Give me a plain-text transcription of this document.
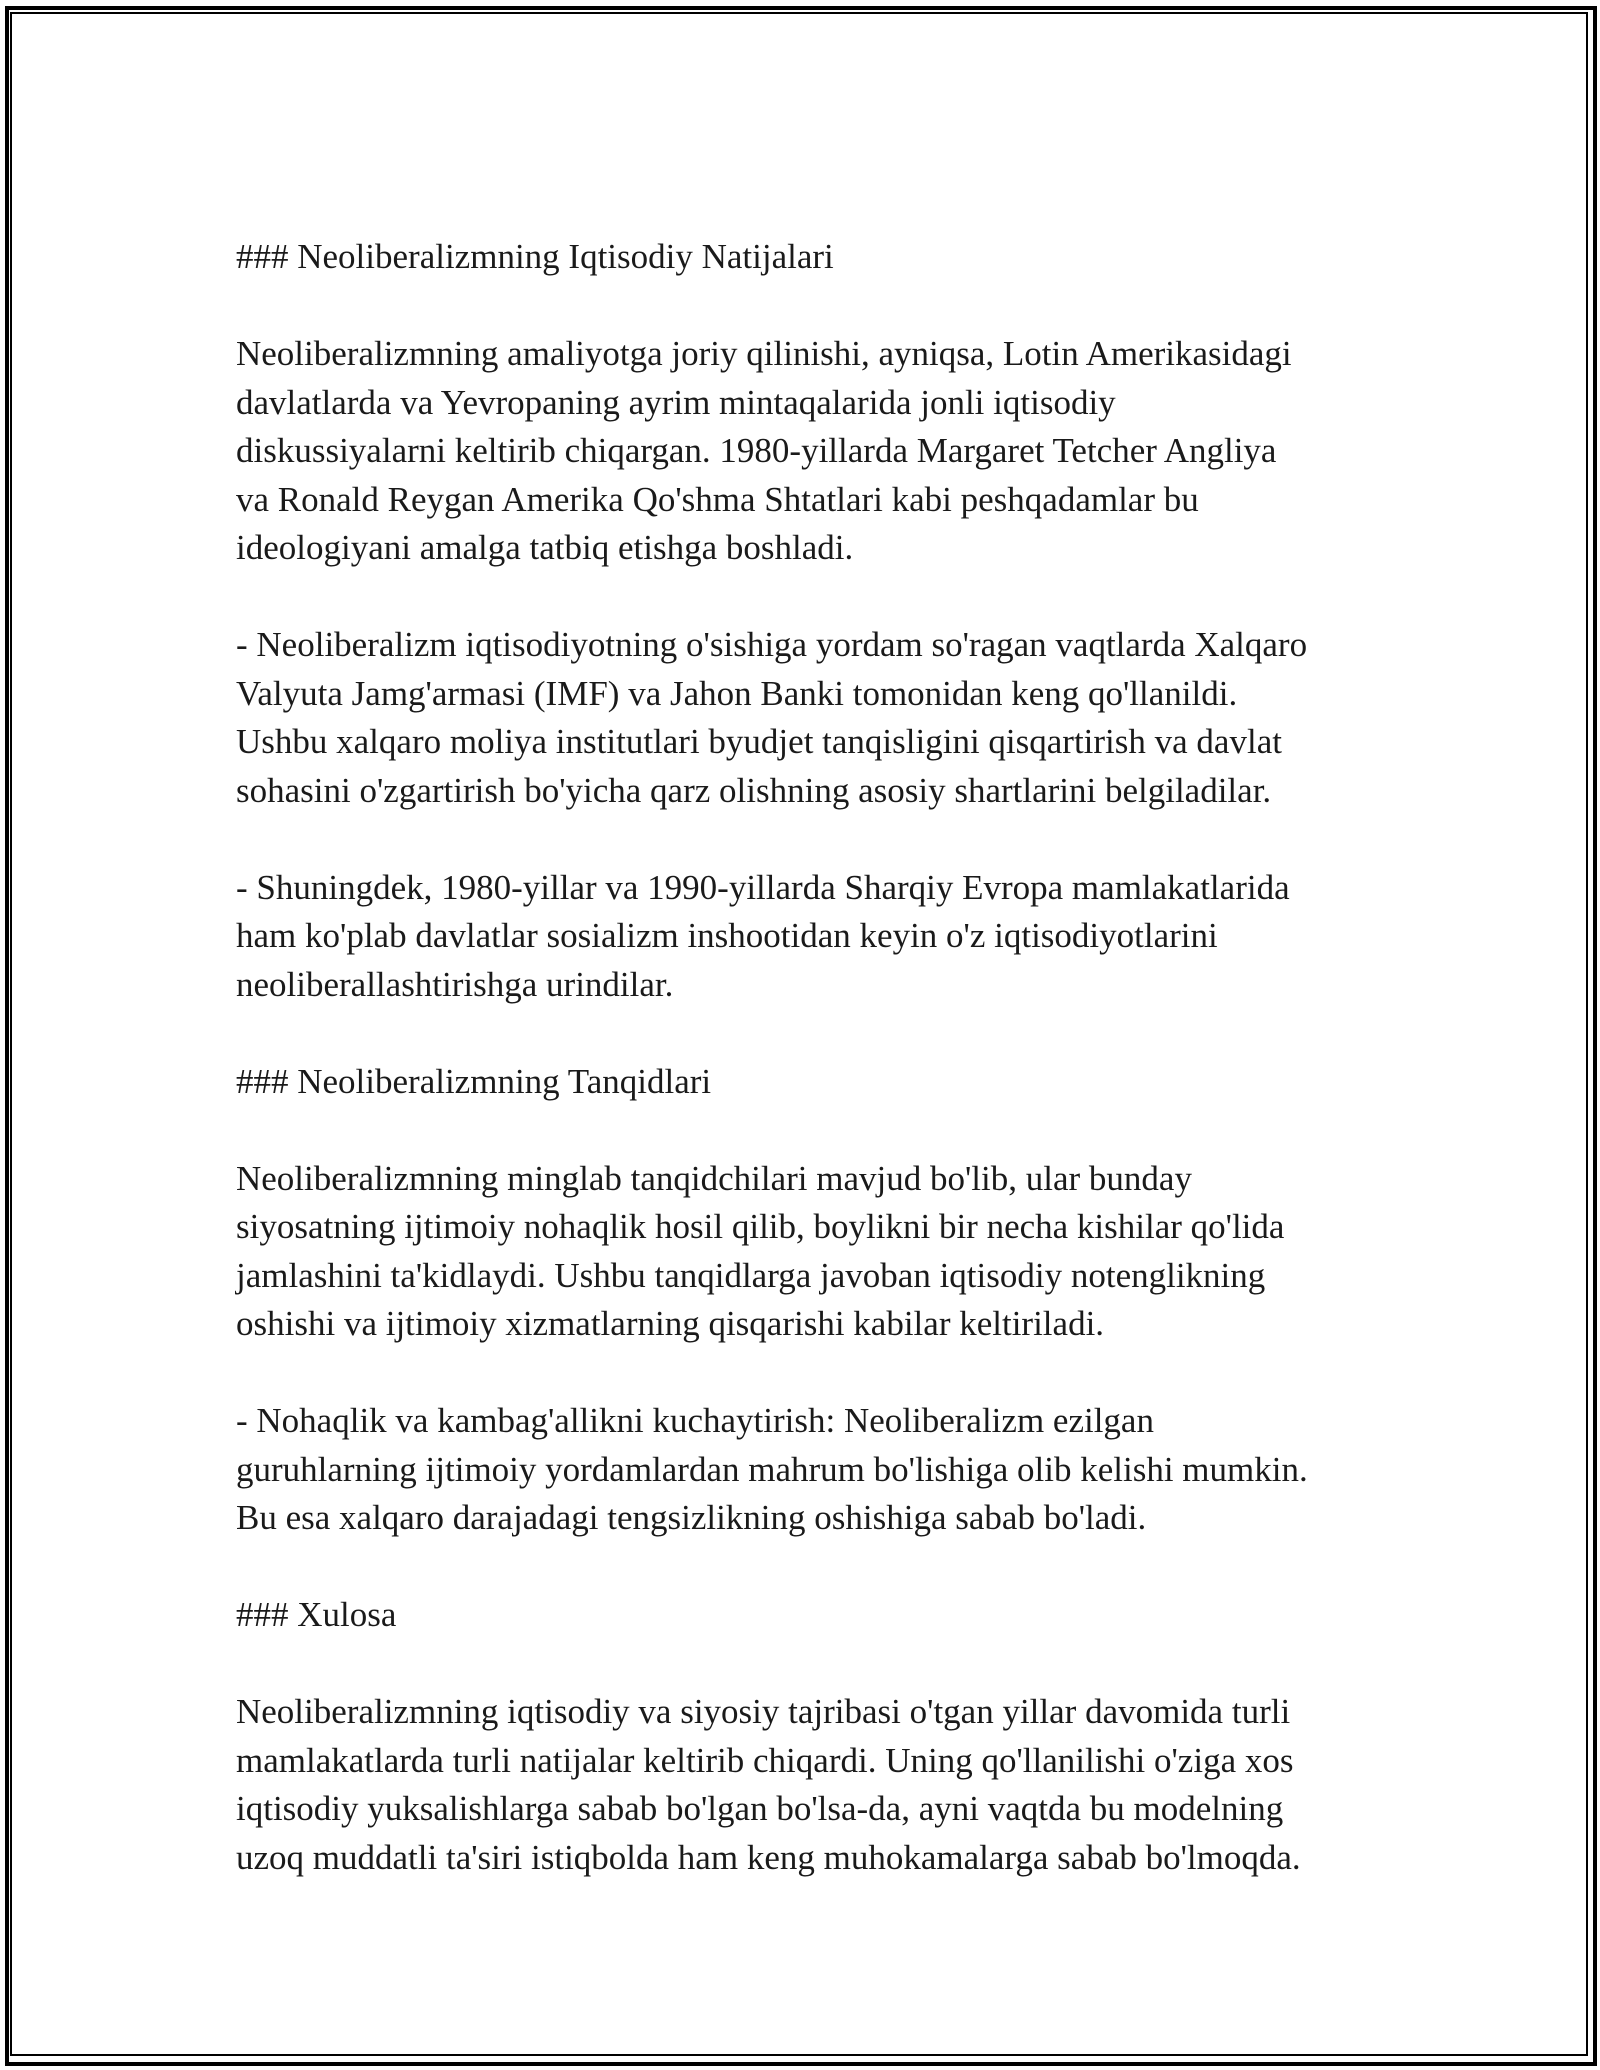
### Neoliberalizmning Iqtisodiy Natijalari
Neoliberalizmning amaliyotga joriy qilinishi, ayniqsa, Lotin Amerikasidagi
davlatlarda va Yevropaning ayrim mintaqalarida jonli iqtisodiy
diskussiyalarni keltirib chiqargan. 1980-yillarda Margaret Tetcher Angliya
va Ronald Reygan Amerika Qo'shma Shtatlari kabi peshqadamlar bu
ideologiyani amalga tatbiq etishga boshladi.
- Neoliberalizm iqtisodiyotning o'sishiga yordam so'ragan vaqtlarda Xalqaro
Valyuta Jamg'armasi (IMF) va Jahon Banki tomonidan keng qo'llanildi.
Ushbu xalqaro moliya institutlari byudjet tanqisligini qisqartirish va davlat
sohasini o'zgartirish bo'yicha qarz olishning asosiy shartlarini belgiladilar.
- Shuningdek, 1980-yillar va 1990-yillarda Sharqiy Evropa mamlakatlarida
ham ko'plab davlatlar sosializm inshootidan keyin o'z iqtisodiyotlarini
neoliberallashtirishga urindilar.
### Neoliberalizmning Tanqidlari
Neoliberalizmning minglab tanqidchilari mavjud bo'lib, ular bunday
siyosatning ijtimoiy nohaqlik hosil qilib, boylikni bir necha kishilar qo'lida
jamlashini ta'kidlaydi. Ushbu tanqidlarga javoban iqtisodiy notenglikning
oshishi va ijtimoiy xizmatlarning qisqarishi kabilar keltiriladi.
- Nohaqlik va kambag'allikni kuchaytirish: Neoliberalizm ezilgan
guruhlarning ijtimoiy yordamlardan mahrum bo'lishiga olib kelishi mumkin.
Bu esa xalqaro darajadagi tengsizlikning oshishiga sabab bo'ladi.
### Xulosa
Neoliberalizmning iqtisodiy va siyosiy tajribasi o'tgan yillar davomida turli
mamlakatlarda turli natijalar keltirib chiqardi. Uning qo'llanilishi o'ziga xos
iqtisodiy yuksalishlarga sabab bo'lgan bo'lsa-da, ayni vaqtda bu modelning
uzoq muddatli ta'siri istiqbolda ham keng muhokamalarga sabab bo'lmoqda.
